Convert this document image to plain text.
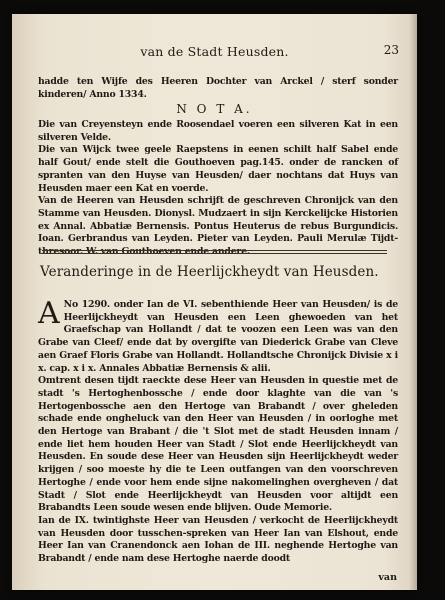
van de Stadt Heusden.	23

hadde ten Wijfe des Heeren Dochter van Arckel / sterf sonder kinderen/ Anno 1334.

N O T A.

Die van Creyensteyn ende Roosendael voeren een silveren Kat in een silveren Velde.

Die van Wijck twee geele Raepstens in eenen schilt half Sabel ende half Gout/ ende stelt die Gouthoeven pag.145. onder de rancken of spranten van den Huyse van Heusden/ daer nochtans dat Huys van Heusden maer een Kat en voerde.

Van de Heeren van Heusden schrijft de geschreven Chronijck van den Stamme van Heusden. Dionysl. Mudzaert in sijn Kerckelijcke Historien ex Annal. Abbatiæ Bernensis. Pontus Heuterus de rebus Burgundicis. Ioan. Gerbrandus van Leyden. Pieter van Leyden. Pauli Merulæ Tijdt-thresoor. W. van Gouthoeven ende andere.

Veranderinge in de Heerlijckheydt van Heusden.

A No 1290. onder Ian de VI. sebenthiende Heer van Heusden/ is de Heerlijckheydt van Heusden een Leen ghewoeden van het Graefschap van Hollandt / dat te voozen een Leen was van den Grabe van Cleef/ ende dat by overgifte van Diederick Grabe van Cleve aen Graef Floris Grabe van Hollandt. Hollandtsche Chronijck Divisie x i x. cap. x i x. Annales Abbatiæ Bernensis & alii.

Omtrent desen tijdt raeckte dese Heer van Heusden in questie met de stadt 's Hertoghenbossche / ende door klaghte van die van 's Hertogenbossche aen den Hertoge van Brabandt / over gheleden schade ende ongheluck van den Heer van Heusden / in oorloghe met den Hertoge van Brabant / die 't Slot met de stadt Heusden innam / ende liet hem houden Heer van Stadt / Slot ende Heerlijckheydt van Heusden. En soude dese Heer van Heusden sijn Heerlijckheydt weder krijgen / soo moeste hy die te Leen outfangen van den voorschreven Hertoghe / ende voor hem ende sijne nakomelinghen overgheven / dat Stadt / Slot ende Heerlijckheydt van Heusden voor altijdt een Brabandts Leen soude wesen ende blijven. Oude Memorie.

Ian de IX. twintighste Heer van Heusden / verkocht de Heerlijckheydt van Heusden door tusschen-spreken van Heer Ian van Elshout, ende Heer Ian van Cranendonck aen Iohan de III. neghende Hertoghe van Brabandt / ende nam dese Hertoghe naerde doodt

van
